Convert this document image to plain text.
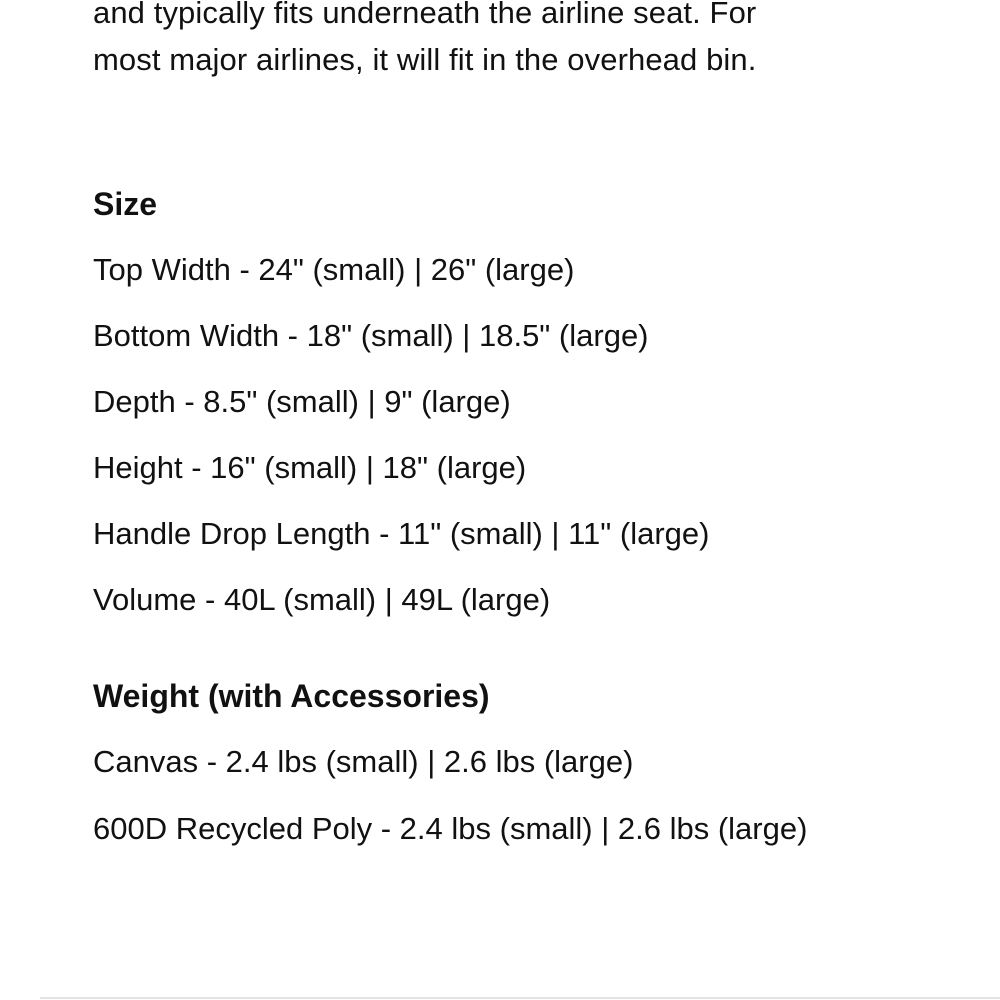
and typically fits underneath the airline seat. For
most major airlines, it will fit in the overhead bin.
Size
Top Width - 24" (small) | 26" (large)
Bottom Width - 18" (small) | 18.5" (large)
Depth - 8.5" (small) | 9" (large)
Height - 16" (small) | 18" (large)
Handle Drop Length - 11" (small) | 11" (large)
Volume - 40L (small) | 49L (large)
Weight (with Accessories)
Canvas - 2.4 lbs (small) | 2.6 lbs (large)
600D Recycled Poly - 2.4 lbs (small) | 2.6 lbs (large)
